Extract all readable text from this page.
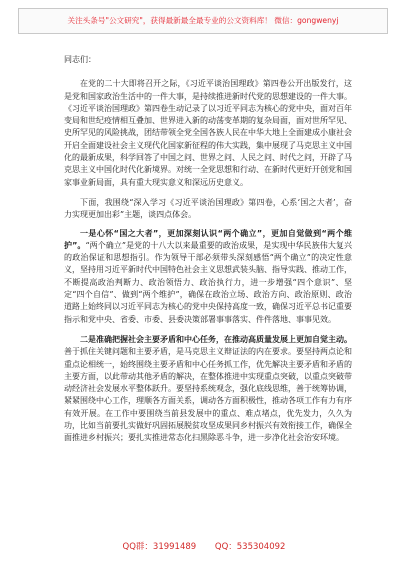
关注头条号"公文研究"，获得最新最全最专业的公文资料库！ 微信：gongwenyj

同志们：

在党的二十大即将召开之际，《习近平谈治国理政》第四卷公开出版发行，这是党和国家政治生活中的一件大事，是持续推进新时代党的思想建设的一件大事。《习近平谈治国理政》第四卷生动记录了以习近平同志为核心的党中央，面对百年变局和世纪疫情相互叠加、世界进入新的动荡变革期的复杂局面，面对世所罕见、史所罕见的风险挑战，团结带领全党全国各族人民在中华大地上全面建成小康社会开启全面建设社会主义现代化国家新征程的伟大实践，集中展现了马克思主义中国化的最新成果，科学回答了中国之问、世界之问、人民之问、时代之问，开辟了马克思主义中国化时代化新境界。对统一全党思想和行动、在新时代更好开创党和国家事业新局面，具有重大现实意义和深远历史意义。

下面，我围绕“深入学习《习近平谈治国理政》第四卷，心系‘国之大者’，奋力实现更加出彩”主题，谈四点体会。

一是心怀“国之大者”，更加深刻认识“两个确立”，更加自觉做到“两个维护”。“两个确立”是党的十八大以来最重要的政治成果，是实现中华民族伟大复兴的政治保证和思想指引。作为领导干部必须带头深刻感悟“两个确立”的决定性意义，坚持用习近平新时代中国特色社会主义思想武装头脑、指导实践、推动工作，不断提高政治判断力、政治领悟力、政治执行力，进一步增强“四个意识”、坚定“四个自信”、做到“两个维护”，确保在政治立场、政治方向、政治原则、政治道路上始终同以习近平同志为核心的党中央保持高度一致，确保习近平总书记重要指示和党中央、省委、市委、县委决策部署事事落实、件件落地、事事见效。

二是准确把握社会主要矛盾和中心任务，在推动高质量发展上更加自觉主动。善于抓住关键问题和主要矛盾，是马克思主义辩证法的内在要求。要坚持两点论和重点论相统一，始终围绕主要矛盾和中心任务抓工作，优先解决主要矛盾和矛盾的主要方面，以此带动其他矛盾的解决，在整体推进中实现重点突破，以重点突破带动经济社会发展水平整体跃升。要坚持系统观念，强化底线思维，善于统筹协调，紧紧围绕中心工作，理顺各方面关系，调动各方面积极性，推动各项工作有力有序有效开展。在工作中要围绕当前县发展中的重点、难点堵点，优先发力，久久为功，比如当前要扎实做好巩固拓展脱贫攻坚成果同乡村振兴有效衔接工作，确保全面推进乡村振兴；要扎实推进常态化扫黑除恶斗争，进一步净化社会治安环境。

QQ群：31991489 QQ：535304092
